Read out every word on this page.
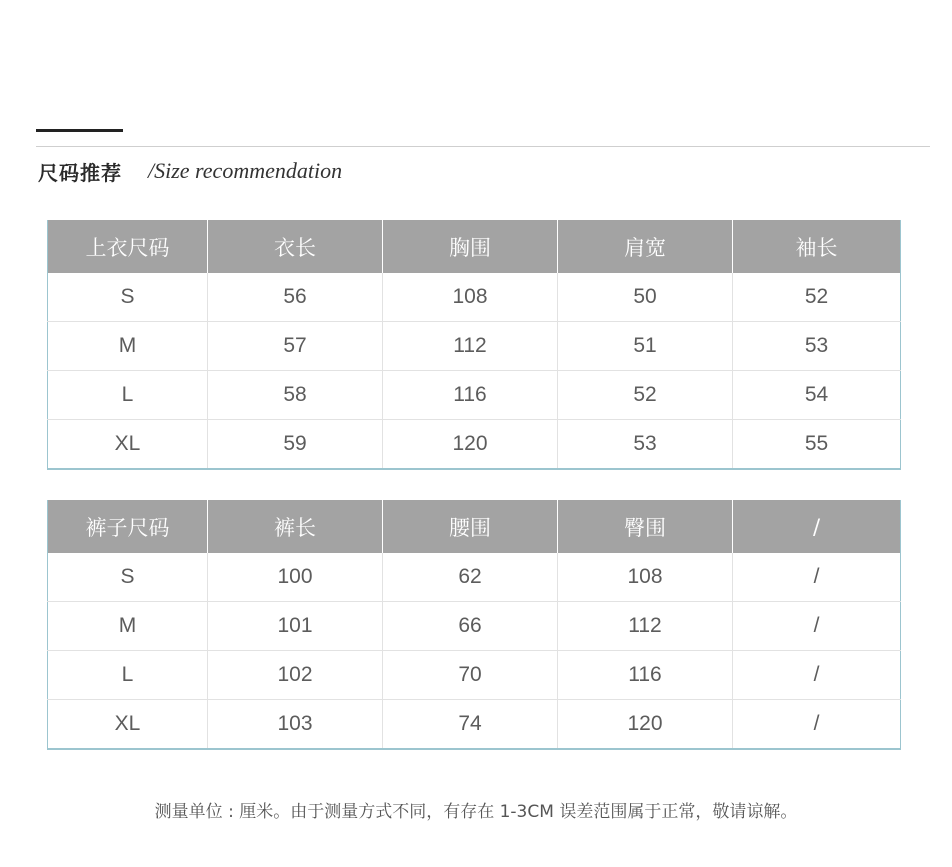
尺码推荐 /Size recommendation
上衣尺码	衣长	胸围	肩宽	袖长
S	56	108	50	52
M	57	112	51	53
L	58	116	52	54
XL	59	120	53	55
裤子尺码	裤长	腰围	臀围	/
S	100	62	108	/
M	101	66	112	/
L	102	70	116	/
XL	103	74	120	/
测量单位 : 厘米。由于测量方式不同，有存在 1-3CM 误差范围属于正常，敬请谅解。
